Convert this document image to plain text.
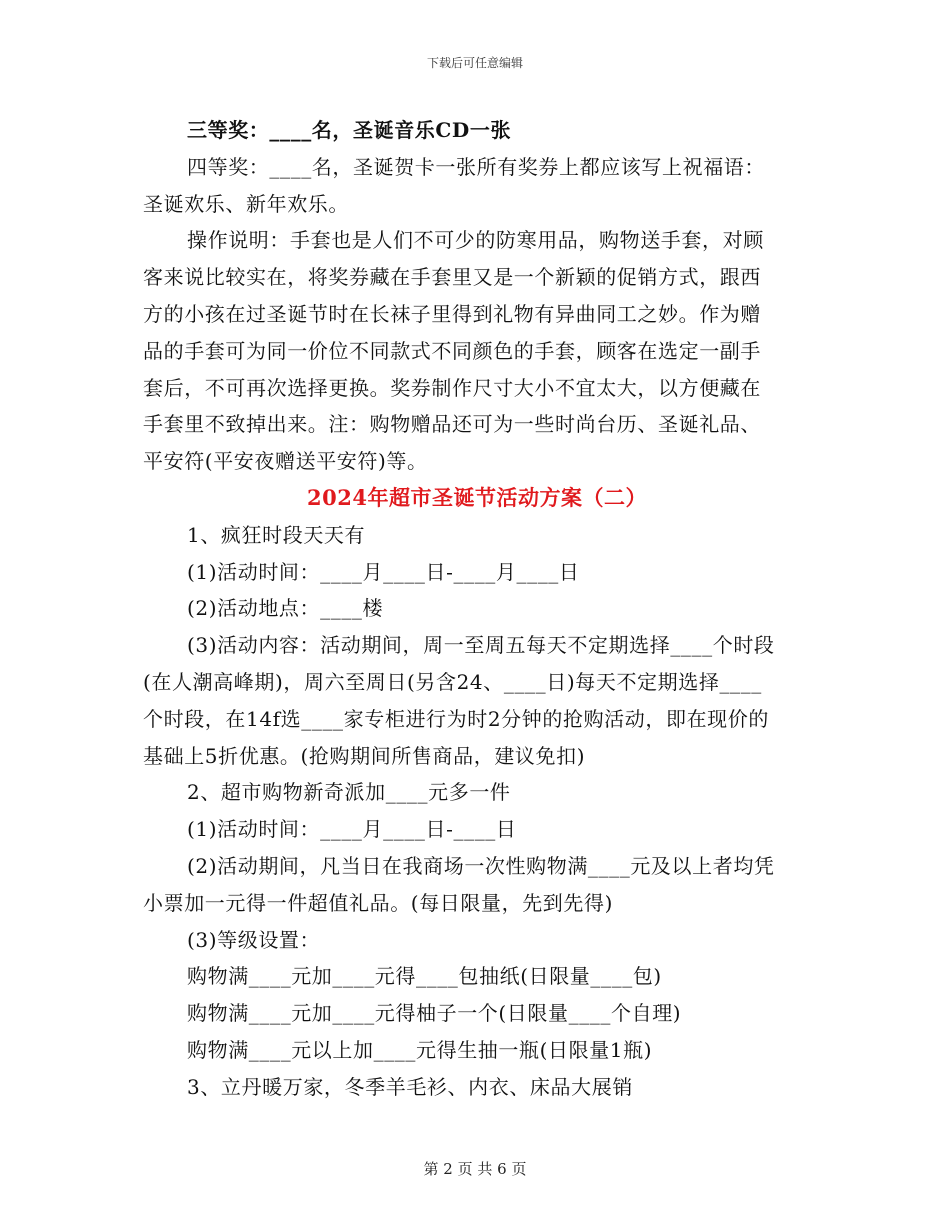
下载后可任意编辑
三等奖：____名，圣诞音乐CD一张
四等奖：____名，圣诞贺卡一张所有奖券上都应该写上祝福语：
圣诞欢乐、新年欢乐。
操作说明：手套也是人们不可少的防寒用品，购物送手套，对顾
客来说比较实在，将奖券藏在手套里又是一个新颖的促销方式，跟西
方的小孩在过圣诞节时在长袜子里得到礼物有异曲同工之妙。作为赠
品的手套可为同一价位不同款式不同颜色的手套，顾客在选定一副手
套后，不可再次选择更换。奖券制作尺寸大小不宜太大，以方便藏在
手套里不致掉出来。注：购物赠品还可为一些时尚台历、圣诞礼品、
平安符(平安夜赠送平安符)等。
2024年超市圣诞节活动方案（二）
1、疯狂时段天天有
(1)活动时间：____月____日-____月____日
(2)活动地点：____楼
(3)活动内容：活动期间，周一至周五每天不定期选择____个时段
(在人潮高峰期)，周六至周日(另含24、____日)每天不定期选择____
个时段，在14f选____家专柜进行为时2分钟的抢购活动，即在现价的
基础上5折优惠。(抢购期间所售商品，建议免扣)
2、超市购物新奇派加____元多一件
(1)活动时间：____月____日-____日
(2)活动期间，凡当日在我商场一次性购物满____元及以上者均凭
小票加一元得一件超值礼品。(每日限量，先到先得)
(3)等级设置：
购物满____元加____元得____包抽纸(日限量____包)
购物满____元加____元得柚子一个(日限量____个自理)
购物满____元以上加____元得生抽一瓶(日限量1瓶)
3、立丹暖万家，冬季羊毛衫、内衣、床品大展销
第 2 页 共 6 页
